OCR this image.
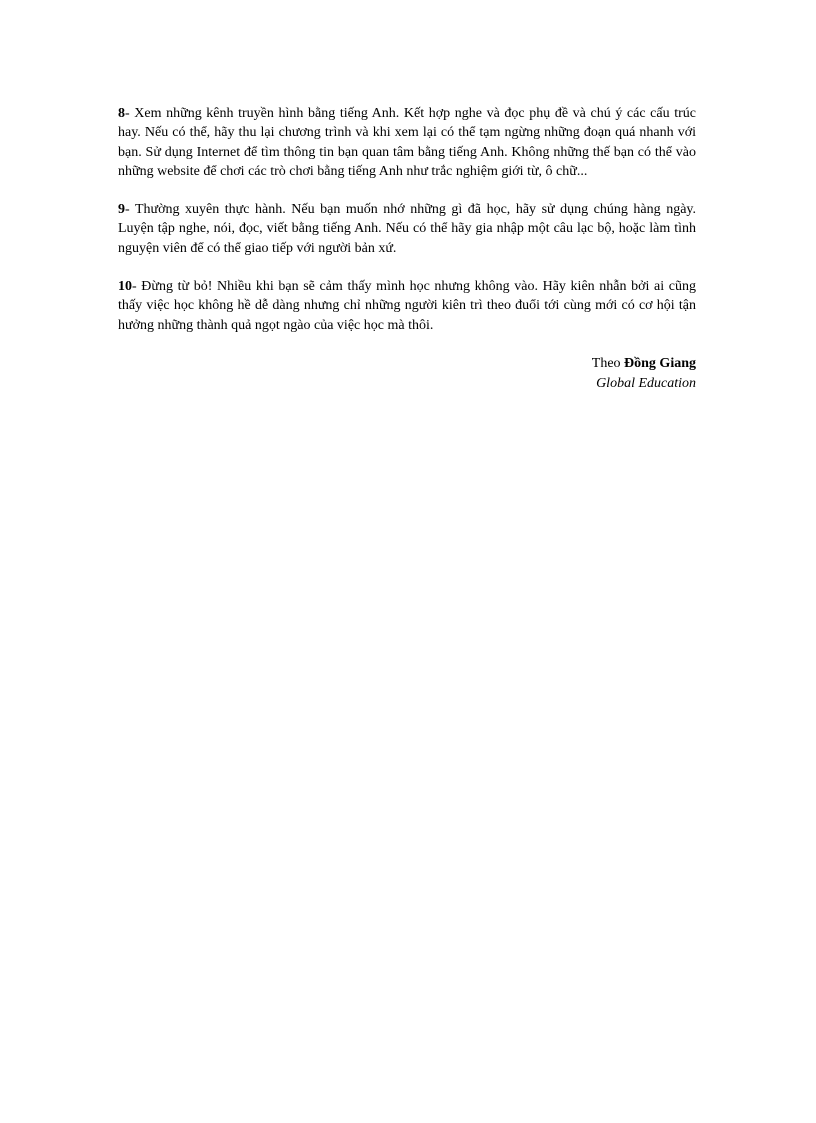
8- Xem những kênh truyền hình bằng tiếng Anh. Kết hợp nghe và đọc phụ đề và chú ý các cấu trúc hay. Nếu có thể, hãy thu lại chương trình và khi xem lại có thể tạm ngừng những đoạn quá nhanh với bạn. Sử dụng Internet để tìm thông tin bạn quan tâm bằng tiếng Anh. Không những thế bạn có thể vào những website để chơi các trò chơi bằng tiếng Anh như trắc nghiệm giới từ, ô chữ...

9- Thường xuyên thực hành. Nếu bạn muốn nhớ những gì đã học, hãy sử dụng chúng hàng ngày. Luyện tập nghe, nói, đọc, viết bằng tiếng Anh. Nếu có thể hãy gia nhập một câu lạc bộ, hoặc làm tình nguyện viên để có thể giao tiếp với người bản xứ.

10- Đừng từ bỏ! Nhiều khi bạn sẽ cảm thấy mình học nhưng không vào. Hãy kiên nhẫn bởi ai cũng thấy việc học không hề dễ dàng nhưng chỉ những người kiên trì theo đuổi tới cùng mới có cơ hội tận hưởng những thành quả ngọt ngào của việc học mà thôi.

Theo Đồng Giang
Global Education
